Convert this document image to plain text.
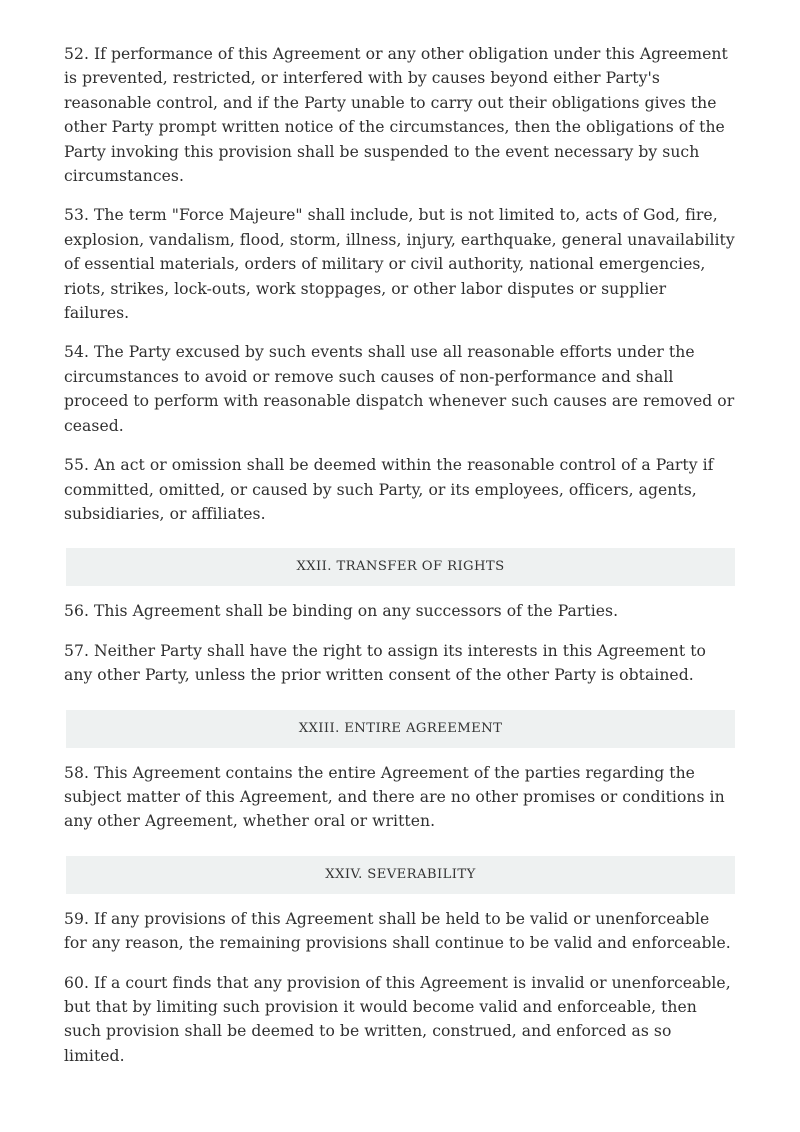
52. If performance of this Agreement or any other obligation under this Agreement is prevented, restricted, or interfered with by causes beyond either Party's reasonable control, and if the Party unable to carry out their obligations gives the other Party prompt written notice of the circumstances, then the obligations of the Party invoking this provision shall be suspended to the event necessary by such circumstances.

53. The term "Force Majeure" shall include, but is not limited to, acts of God, fire, explosion, vandalism, flood, storm, illness, injury, earthquake, general unavailability of essential materials, orders of military or civil authority, national emergencies, riots, strikes, lock-outs, work stoppages, or other labor disputes or supplier failures.

54. The Party excused by such events shall use all reasonable efforts under the circumstances to avoid or remove such causes of non-performance and shall proceed to perform with reasonable dispatch whenever such causes are removed or ceased.

55. An act or omission shall be deemed within the reasonable control of a Party if committed, omitted, or caused by such Party, or its employees, officers, agents, subsidiaries, or affiliates.

XXII. TRANSFER OF RIGHTS

56. This Agreement shall be binding on any successors of the Parties.

57. Neither Party shall have the right to assign its interests in this Agreement to any other Party, unless the prior written consent of the other Party is obtained.

XXIII. ENTIRE AGREEMENT

58. This Agreement contains the entire Agreement of the parties regarding the subject matter of this Agreement, and there are no other promises or conditions in any other Agreement, whether oral or written.

XXIV. SEVERABILITY

59. If any provisions of this Agreement shall be held to be valid or unenforceable for any reason, the remaining provisions shall continue to be valid and enforceable.

60. If a court finds that any provision of this Agreement is invalid or unenforceable, but that by limiting such provision it would become valid and enforceable, then such provision shall be deemed to be written, construed, and enforced as so limited.
